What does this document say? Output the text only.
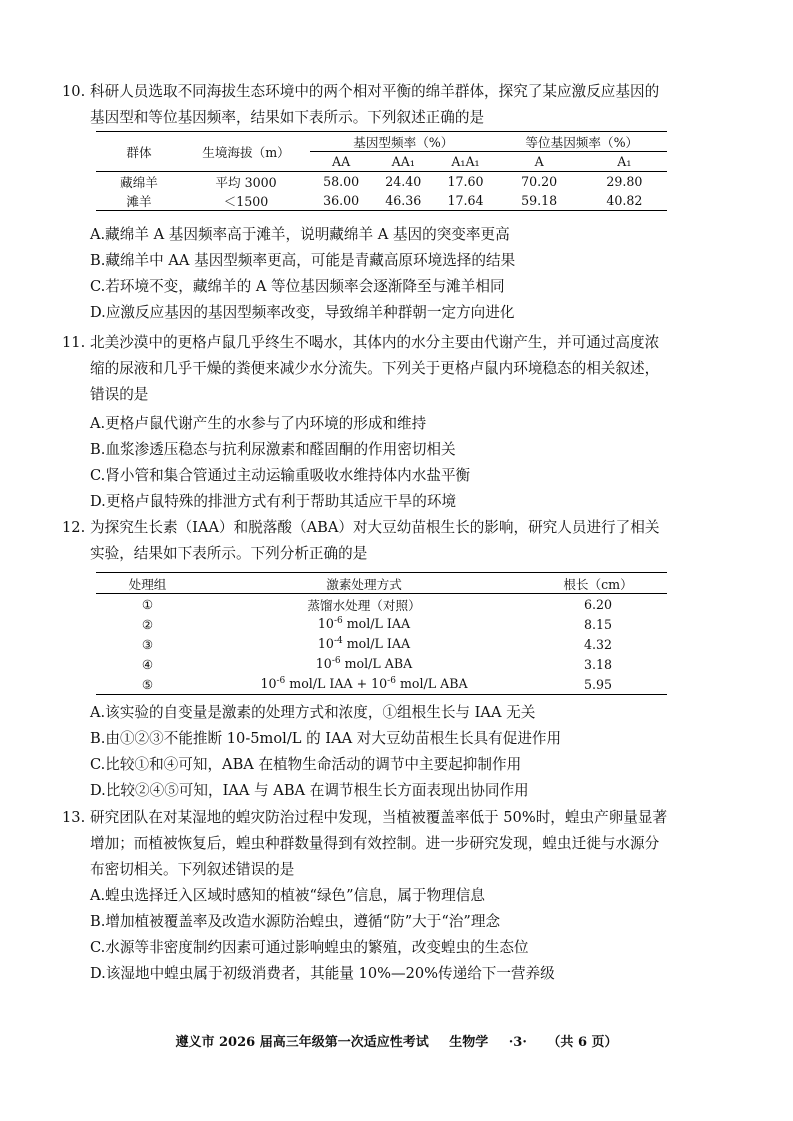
10. 科研人员选取不同海拔生态环境中的两个相对平衡的绵羊群体，探究了某应激反应基因的
基因型和等位基因频率，结果如下表所示。下列叙述正确的是
群体	生境海拔（m）	基因型频率（%）			等位基因频率（%）	
		AA	AA₁	A₁A₁	A	A₁
藏绵羊	平均 3000	58.00	24.40	17.60	70.20	29.80
滩羊	＜1500	36.00	46.36	17.64	59.18	40.82
A.藏绵羊 A 基因频率高于滩羊，说明藏绵羊 A 基因的突变率更高
B.藏绵羊中 AA 基因型频率更高，可能是青藏高原环境选择的结果
C.若环境不变，藏绵羊的 A 等位基因频率会逐渐降至与滩羊相同
D.应激反应基因的基因型频率改变，导致绵羊种群朝一定方向进化
11. 北美沙漠中的更格卢鼠几乎终生不喝水，其体内的水分主要由代谢产生，并可通过高度浓
缩的尿液和几乎干燥的粪便来减少水分流失。下列关于更格卢鼠内环境稳态的相关叙述，
错误的是
A.更格卢鼠代谢产生的水参与了内环境的形成和维持
B.血浆渗透压稳态与抗利尿激素和醛固酮的作用密切相关
C.肾小管和集合管通过主动运输重吸收水维持体内水盐平衡
D.更格卢鼠特殊的排泄方式有利于帮助其适应干旱的环境
12. 为探究生长素（IAA）和脱落酸（ABA）对大豆幼苗根生长的影响，研究人员进行了相关
实验，结果如下表所示。下列分析正确的是
处理组	激素处理方式	根长（cm）
①	蒸馏水处理（对照）	6.20
②	$10^{-6}$ mol/L IAA	8.15
③	$10^{-4}$ mol/L IAA	4.32
④	$10^{-6}$ mol/L ABA	3.18
⑤	$10^{-6}$ mol/L IAA + $10^{-6}$ mol/L ABA	5.95
A.该实验的自变量是激素的处理方式和浓度，①组根生长与 IAA 无关
B.由①②③不能推断 10-5mol/L 的 IAA 对大豆幼苗根生长具有促进作用
C.比较①和④可知，ABA 在植物生命活动的调节中主要起抑制作用
D.比较②④⑤可知，IAA 与 ABA 在调节根生长方面表现出协同作用
13. 研究团队在对某湿地的蝗灾防治过程中发现，当植被覆盖率低于 50%时，蝗虫产卵量显著
增加；而植被恢复后，蝗虫种群数量得到有效控制。进一步研究发现，蝗虫迁徙与水源分
布密切相关。下列叙述错误的是
A.蝗虫选择迁入区域时感知的植被“绿色”信息，属于物理信息
B.增加植被覆盖率及改造水源防治蝗虫，遵循“防”大于“治”理念
C.水源等非密度制约因素可通过影响蝗虫的繁殖，改变蝗虫的生态位
D.该湿地中蝗虫属于初级消费者，其能量 10%—20%传递给下一营养级
遵义市 2026 届高三年级第一次适应性考试 生物学 ·3· （共 6 页）
